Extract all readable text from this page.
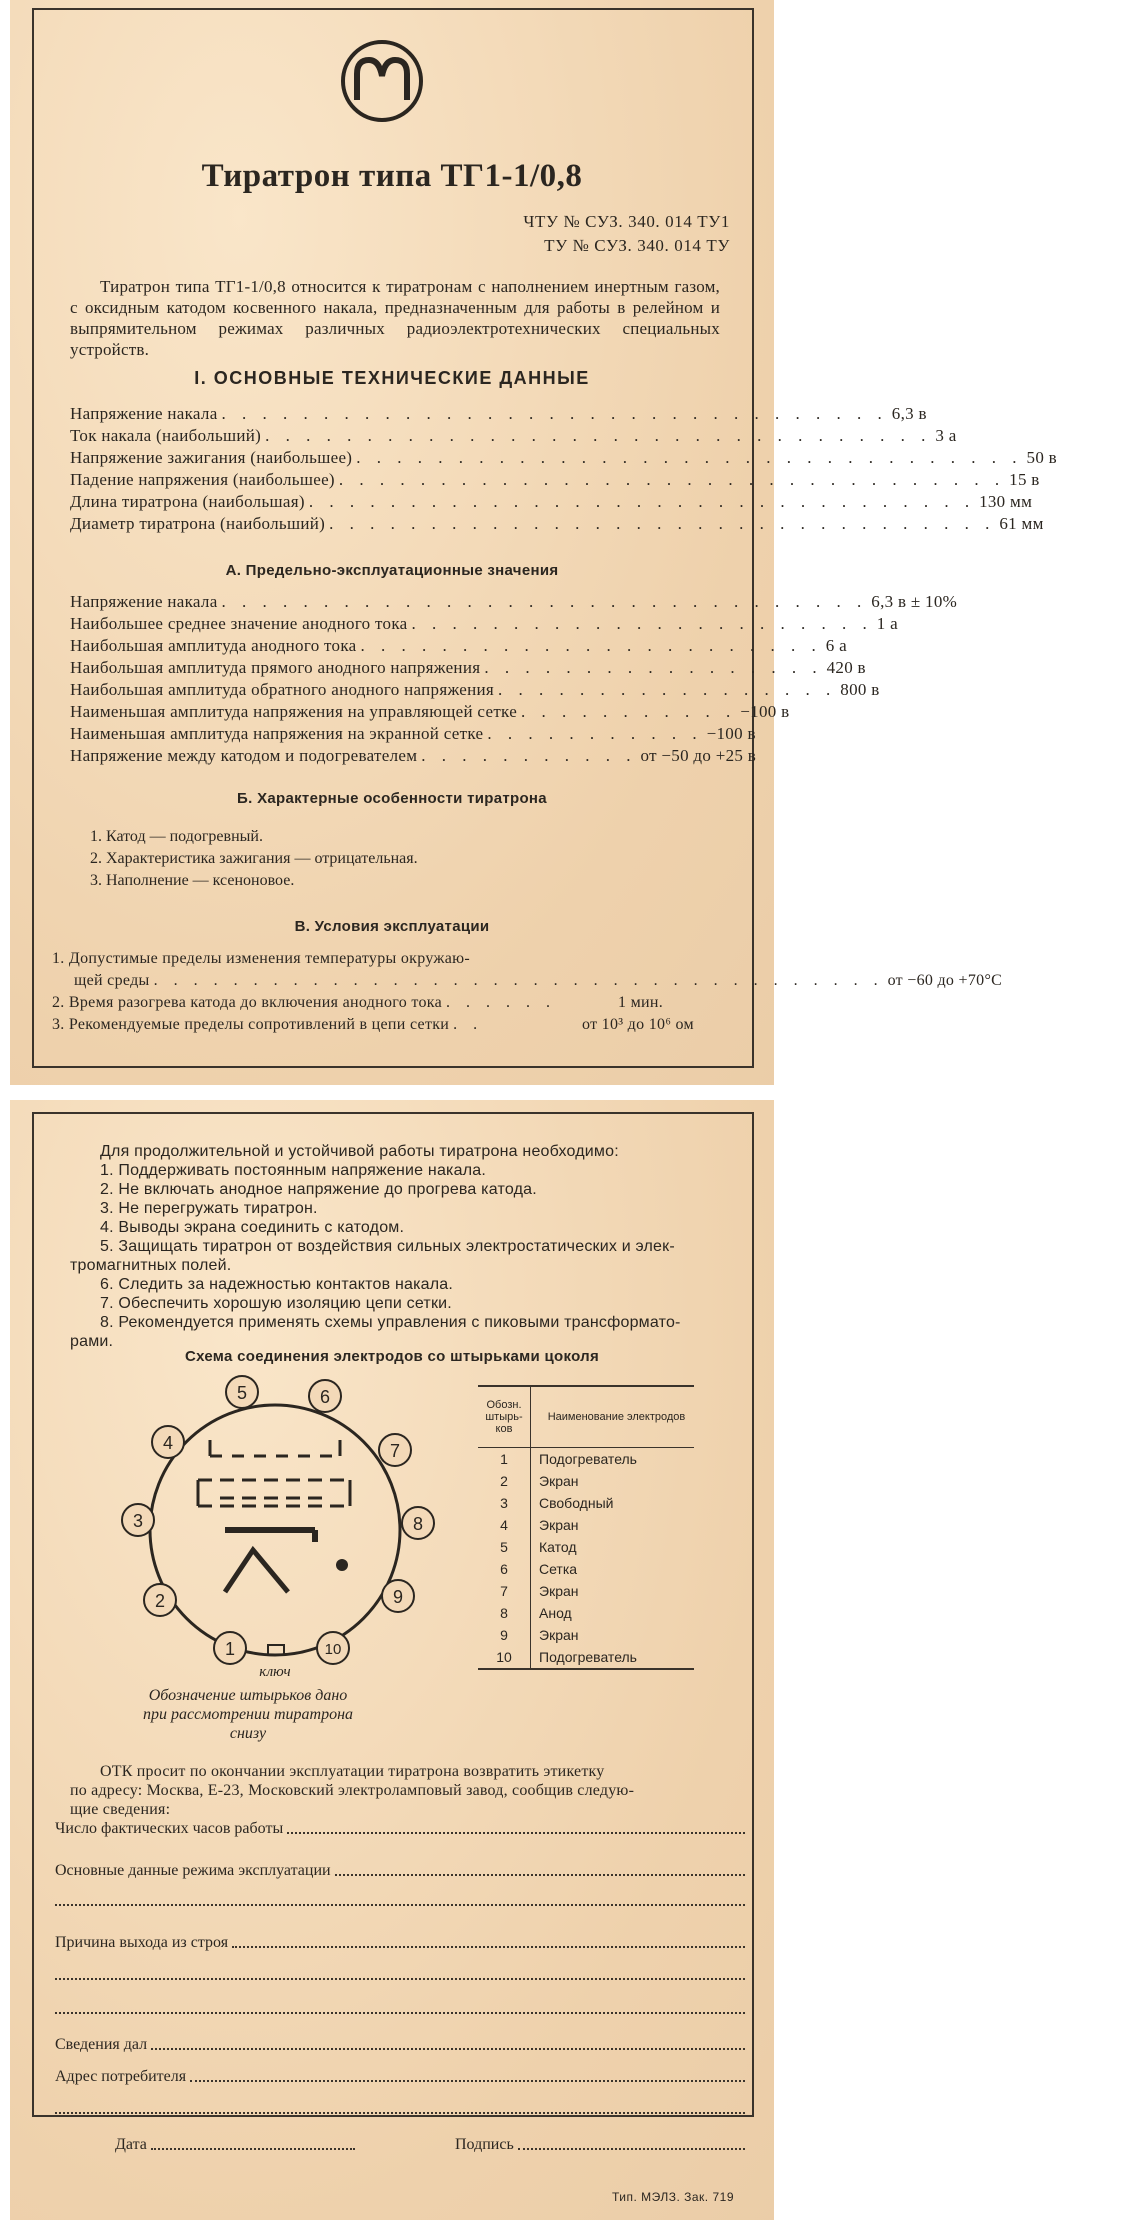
Тиратрон типа ТГ1-1/0,8
ЧТУ № СУЗ. 340. 014 ТУ1
ТУ № СУЗ. 340. 014 ТУ
Тиратрон типа ТГ1-1/0,8 относится к тиратронам с наполнением инертным газом, с оксидным катодом косвенного накала, предназначенным для работы в релейном и выпрямительном режимах различных радиоэлектротехнических специальных устройств.
I. ОСНОВНЫЕ ТЕХНИЧЕСКИЕ ДАННЫЕ
Напряжение накала . . . . . . . . . . . . . . . . . . . . . . . . . . . . . . . . . 6,3 в
Ток накала (наибольший) . . . . . . . . . . . . . . . . . . . . . . . . . . . . . . . . . 3 а
Напряжение зажигания (наибольшее) . . . . . . . . . . . . . . . . . . . . . . . . . . . . . . . . . 50 в
Падение напряжения (наибольшее) . . . . . . . . . . . . . . . . . . . . . . . . . . . . . . . . . 15 в
Длина тиратрона (наибольшая) . . . . . . . . . . . . . . . . . . . . . . . . . . . . . . . . . 130 мм
Диаметр тиратрона (наибольший) . . . . . . . . . . . . . . . . . . . . . . . . . . . . . . . . . 61 мм
А. Предельно-эксплуатационные значения
Напряжение накала . . . . . . . . . . . . . . . . . . . . . . . . . . . . . . . . 6,3 в ± 10%
Наибольшее среднее значение анодного тока . . . . . . . . . . . . . . . . . . . . . . . 1 а
Наибольшая амплитуда анодного тока . . . . . . . . . . . . . . . . . . . . . . . 6 а
Наибольшая амплитуда прямого анодного напряжения . . . . . . . . . . . . . . . . . 420 в
Наибольшая амплитуда обратного анодного напряжения . . . . . . . . . . . . . . . . . 800 в
Наименьшая амплитуда напряжения на управляющей сетке . . . . . . . . . . . −100 в
Наименьшая амплитуда напряжения на экранной сетке . . . . . . . . . . . −100 в
Напряжение между катодом и подогревателем . . . . . . . . . . . от −50 до +25 в
Б. Характерные особенности тиратрона
1. Катод — подогревный.
2. Характеристика зажигания — отрицательная.
3. Наполнение — ксеноновое.
В. Условия эксплуатации
1. Допустимые пределы изменения температуры окружаю-
щей среды . . . . . . . . . . . . . . . . . . . . . . . . . . . . . . . . . . . . . от −60 до +70°С
2. Время разогрева катода до включения анодного тока . . . . . .	1 мин.
3. Рекомендуемые пределы сопротивлений в цепи сетки . .	от 10³ до 10⁶ ом
Для продолжительной и устойчивой работы тиратрона необходимо:
1. Поддерживать постоянным напряжение накала.
2. Не включать анодное напряжение до прогрева катода.
3. Не перегружать тиратрон.
4. Выводы экрана соединить с катодом.
5. Защищать тиратрон от воздействия сильных электростатических и элек-
тромагнитных полей.
6. Следить за надежностью контактов накала.
7. Обеспечить хорошую изоляцию цепи сетки.
8. Рекомендуется применять схемы управления с пиковыми трансформато-
рами.
Схема соединения электродов со штырьками цоколя
5	6
4	7
3	8
2	9
1	10
ключ
Обозначение штырьков дано
при рассмотрении тиратрона
снизу
Обозн. штырь- ков
Наименование электродов
1	Подогреватель
2	Экран
3	Свободный
4	Экран
5	Катод
6	Сетка
7	Экран
8	Анод
9	Экран
10	Подогреватель
ОТК просит по окончании эксплуатации тиратрона возвратить этикетку
по адресу: Москва, Е-23, Московский электроламповый завод, сообщив следую-
щие сведения:
Число фактических часов работы
Основные данные режима эксплуатации
Причина выхода из строя
Сведения дал
Адрес потребителя
Дата	Подпись
Тип. МЭЛЗ. Зак. 719
